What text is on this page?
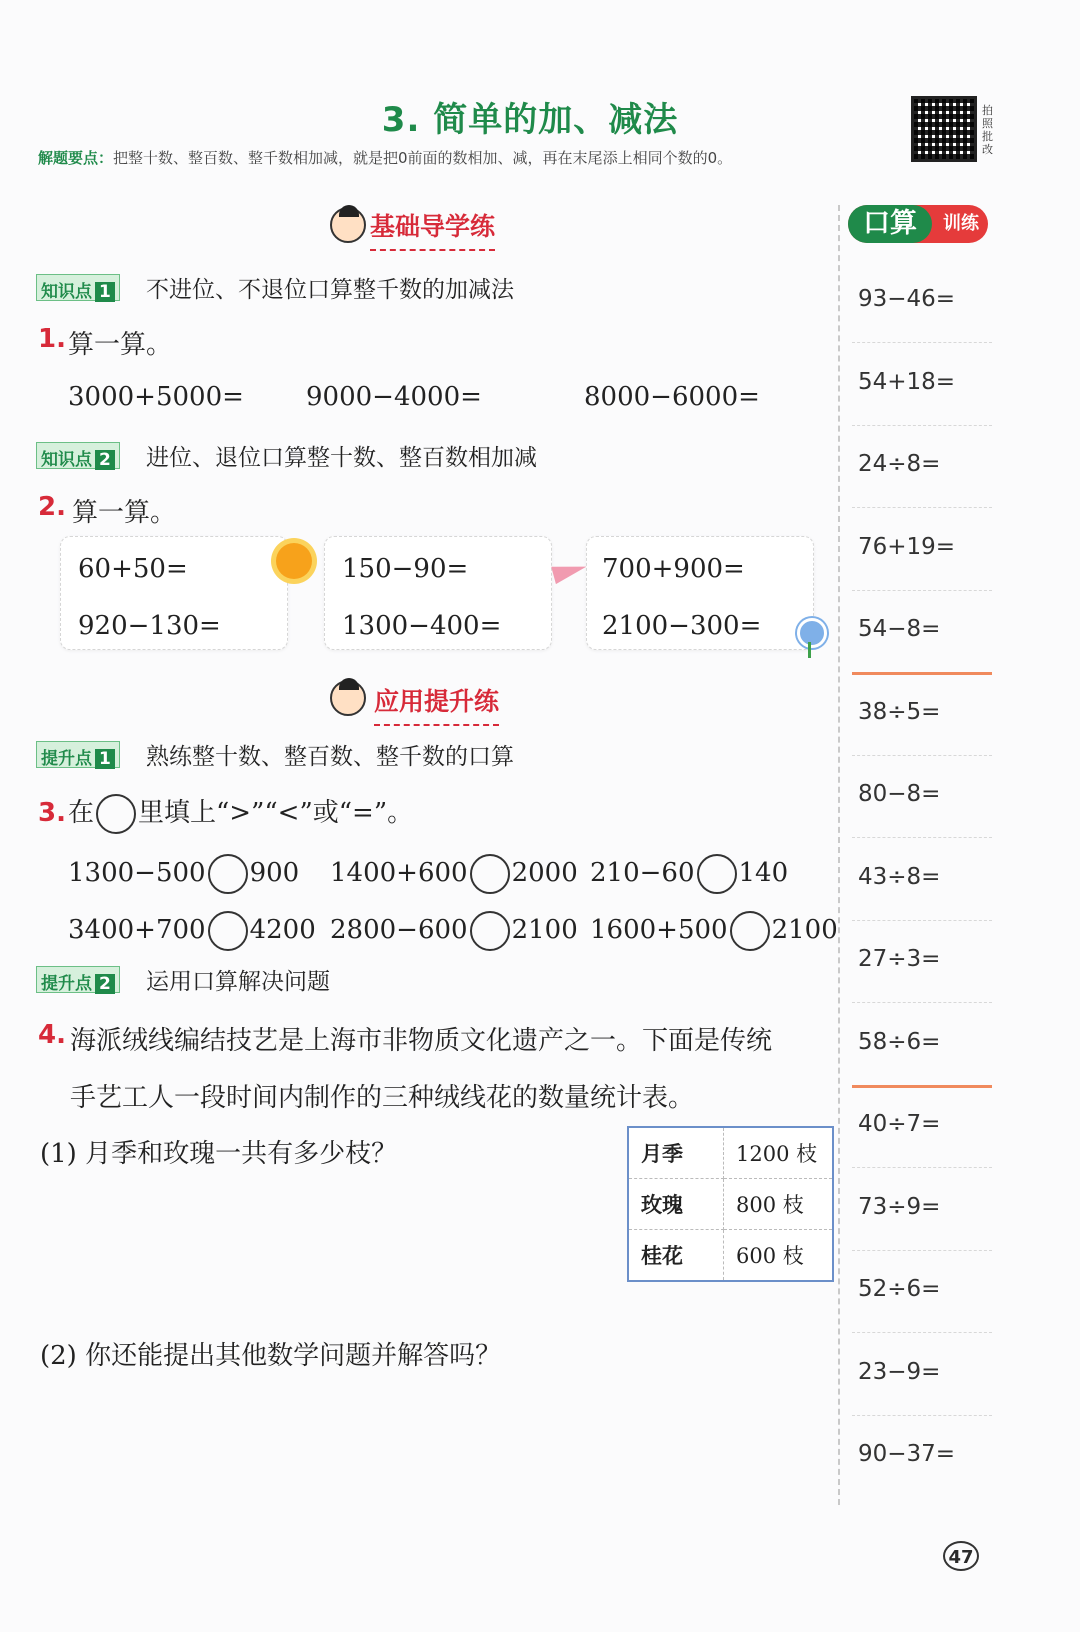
3. 简单的加、减法
解题要点：把整十数、整百数、整千数相加减，就是把0前面的数相加、减，再在末尾添上相同个数的0。
拍照批改
基础导学练
知识点 1	不进位、不退位口算整千数的加减法
1. 算一算。
3000+5000= 9000−4000=	8000−6000=
知识点 2	进位、退位口算整十数、整百数相加减
2. 算一算。
60+50=
920−130=
150−90=
1300−400=
700+900=
2100−300=
应用提升练
提升点 1	熟练整十数、整百数、整千数的口算
3. 在 里填上“>”“<”或“=”。
1300−500 900 1400+600 2000 210−60 140
3400+700 4200 2800−600 2100 1600+500 2100
提升点 2	运用口算解决问题
4. 海派绒线编结技艺是上海市非物质文化遗产之一。下面是传统
手艺工人一段时间内制作的三种绒线花的数量统计表。
(1) 月季和玫瑰一共有多少枝？	月季	1200 枝
玫瑰	800 枝
桂花	600 枝
(2) 你还能提出其他数学问题并解答吗？
口算	训练
93−46=
54+18=
24÷8=
76+19=
54−8=
38÷5=
80−8=
43÷8=
27÷3=
58÷6=
40÷7=
73÷9=
52÷6=
23−9=
90−37=
47
